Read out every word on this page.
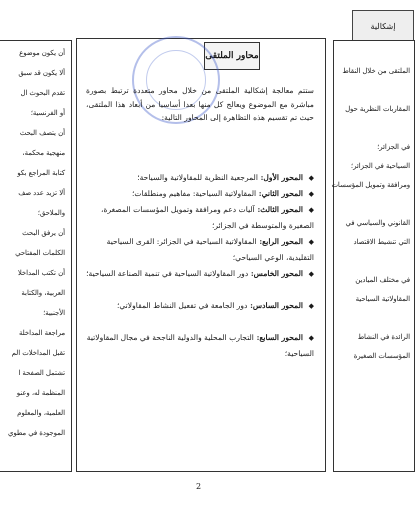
إشكالية
أن يكون موضوع
ألا يكون قد سبق
تقدم البحوث ال
أو الفرنسية؛
أن يتصف البحث
منهجية محكمة،
كتابة المراجع بكو
ألا تزيد عدد صف
والملاحق؛
أن يرفق البحث
الكلمات المفتاحي
أن تكتب المداخلا
العربية، والكتابة
الأجنبية؛
مراجعة المداخلة
تقبل المداخلات الم
تشتمل الصفحة ا
المنظمة له، وعنو
العلمية، والمعلوم
الموجودة في مطوي
الملتقى من خلال النقاط
المقاربات النظرية حول
في الجزائر؛
السياحية في الجزائر؛
ومرافقة وتمويل المؤسسات
القانوني والسياسي في
التي تنشيط الاقتصاد
في مختلف الميادين
المقاولاتية السياحية
الرائدة في النشاط
المؤسسات الصغيرة
محاور الملتقى
ستتم معالجة إشكالية الملتقى من خلال محاور متعددة ترتبط بصورة مباشرة مع الموضوع ويعالج كل منها بعدا أساسيا من أبعاد هذا الملتقى، حيث تم تقسيم هذه التظاهرة إلى المحاور التالية:
◆المحور الأول: المرجعية النظرية للمقاولاتية والسياحة؛
◆المحور الثاني: المقاولاتية السياحية: مفاهيم ومنطلقات؛
◆المحور الثالث: آليات دعم ومرافقة وتمويل المؤسسات المصغرة، الصغيرة والمتوسطة في الجزائر؛
◆المحور الرابع: المقاولاتية السياحية في الجزائر: القرى السياحية التقليدية، الوعي السياحي؛
◆المحور الخامس: دور المقاولاتية السياحية في تنمية الصناعة السياحية؛
◆المحور السادس: دور الجامعة في تفعيل النشاط المقاولاتي؛
◆المحور السابع: التجارب المحلية والدولية الناجحة في مجال المقاولاتية السياحية؛
2
